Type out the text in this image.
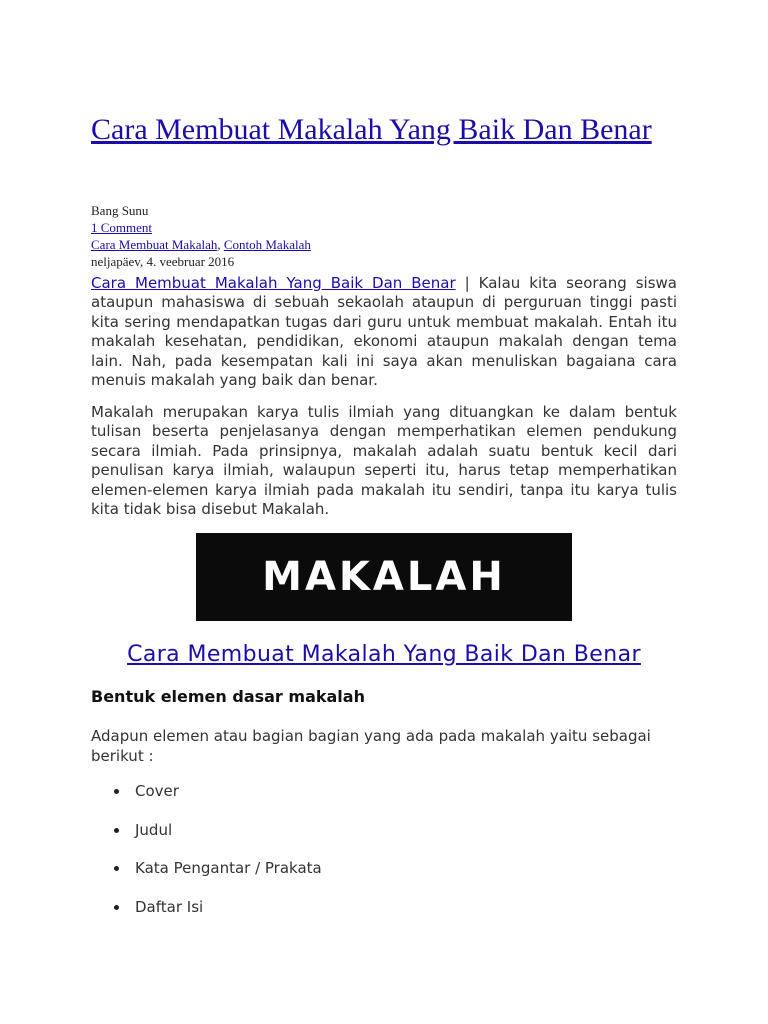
Cara Membuat Makalah Yang Baik Dan Benar
Bang Sunu
1 Comment
Cara Membuat Makalah, Contoh Makalah
neljapäev, 4. veebruar 2016

Cara Membuat Makalah Yang Baik Dan Benar | Kalau kita seorang siswa ataupun mahasiswa di sebuah sekaolah ataupun di perguruan tinggi pasti kita sering mendapatkan tugas dari guru untuk membuat makalah. Entah itu makalah kesehatan, pendidikan, ekonomi ataupun makalah dengan tema lain. Nah, pada kesempatan kali ini saya akan menuliskan bagaiana cara menuis makalah yang baik dan benar.

Makalah merupakan karya tulis ilmiah yang dituangkan ke dalam bentuk tulisan beserta penjelasanya dengan memperhatikan elemen pendukung secara ilmiah. Pada prinsipnya, makalah adalah suatu bentuk kecil dari penulisan karya ilmiah, walaupun seperti itu, harus tetap memperhatikan elemen-elemen karya ilmiah pada makalah itu sendiri, tanpa itu karya tulis kita tidak bisa disebut Makalah.

MAKALAH
Cara Membuat Makalah Yang Baik Dan Benar
Bentuk elemen dasar makalah

Adapun elemen atau bagian bagian yang ada pada makalah yaitu sebagai berikut :

Cover
Judul
Kata Pengantar / Prakata
Daftar Isi
